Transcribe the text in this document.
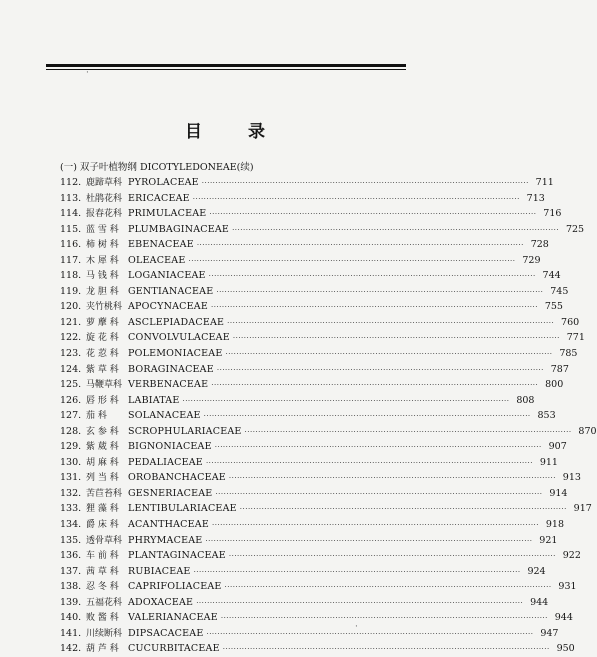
目 录
(一) 双子叶植物纲 DICOTYLEDONEAE(续)
112. 鹿蹄草科 PYROLACEAE ························································································································ 711
113. 杜鹃花科 ERICACEAE ························································································································ 713
114. 报春花科 PRIMULACEAE ························································································································ 716
115. 蓝 雪 科 PLUMBAGINACEAE ························································································································ 725
116. 柿 树 科 EBENACEAE ························································································································ 728
117. 木 犀 科 OLEACEAE ························································································································ 729
118. 马 钱 科 LOGANIACEAE ························································································································ 744
119. 龙 胆 科 GENTIANACEAE ························································································································ 745
120. 夹竹桃科 APOCYNACEAE ························································································································ 755
121. 萝 藦 科 ASCLEPIADACEAE ························································································································ 760
122. 旋 花 科 CONVOLVULACEAE ························································································································ 771
123. 花 荵 科 POLEMONIACEAE ························································································································ 785
124. 紫 草 科 BORAGINACEAE ························································································································ 787
125. 马鞭草科 VERBENACEAE ························································································································ 800
126. 唇 形 科 LABIATAE ························································································································ 808
127. 茄 科	SOLANACEAE ························································································································ 853
128. 玄 参 科 SCROPHULARIACEAE ························································································································ 870
129. 紫 葳 科 BIGNONIACEAE ························································································································ 907
130. 胡 麻 科 PEDALIACEAE ························································································································ 911
131. 列 当 科 OROBANCHACEAE ························································································································ 913
132. 苦苣苔科 GESNERIACEAE ························································································································ 914
133. 狸 藻 科 LENTIBULARIACEAE ························································································································ 917
134. 爵 床 科 ACANTHACEAE ························································································································ 918
135. 透骨草科 PHRYMACEAE ························································································································ 921
136. 车 前 科 PLANTAGINACEAE ························································································································ 922
137. 茜 草 科 RUBIACEAE ························································································································ 924
138. 忍 冬 科 CAPRIFOLIACEAE ························································································································ 931
139. 五福花科 ADOXACEAE ························································································································ 944
140. 败 酱 科 VALERIANACEAE ························································································································ 944
141. 川续断科 DIPSACACEAE ························································································································ 947
142. 葫 芦 科 CUCURBITACEAE ························································································································ 950
·
·
